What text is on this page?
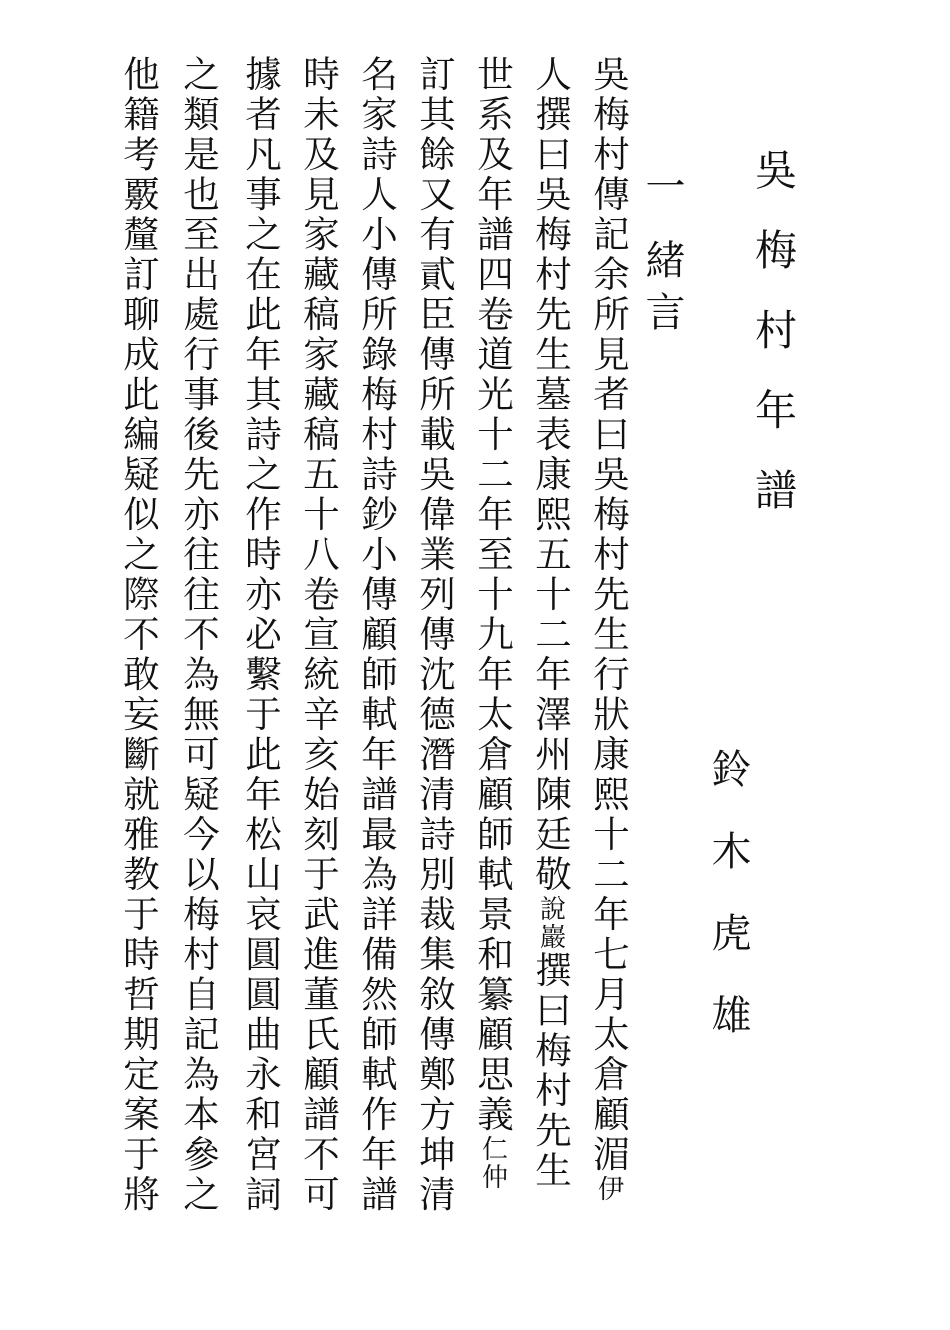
吳梅村年譜
鈴木虎雄
一緒言
吳梅村傳記余所見者曰吳梅村先生行狀康熙十二年七月太倉顧湄伊
人撰曰吳梅村先生墓表康熙五十二年澤州陳廷敬說巖撰曰梅村先生
世系及年譜四卷道光十二年至十九年太倉顧師軾景和纂顧思義仁仲
訂其餘又有貳臣傳所載吳偉業列傳沈德潛清詩別裁集敘傳鄭方坤清
名家詩人小傳所錄梅村詩鈔小傳顧師軾年譜最為詳備然師軾作年譜
時未及見家藏稿家藏稿五十八卷宣統辛亥始刻于武進董氏顧譜不可
據者凡事之在此年其詩之作時亦必繫于此年松山哀圓圓曲永和宮詞
之類是也至出處行事後先亦往往不為無可疑今以梅村自記為本參之
他籍考覈釐訂聊成此編疑似之際不敢妄斷就雅教于時哲期定案于將
